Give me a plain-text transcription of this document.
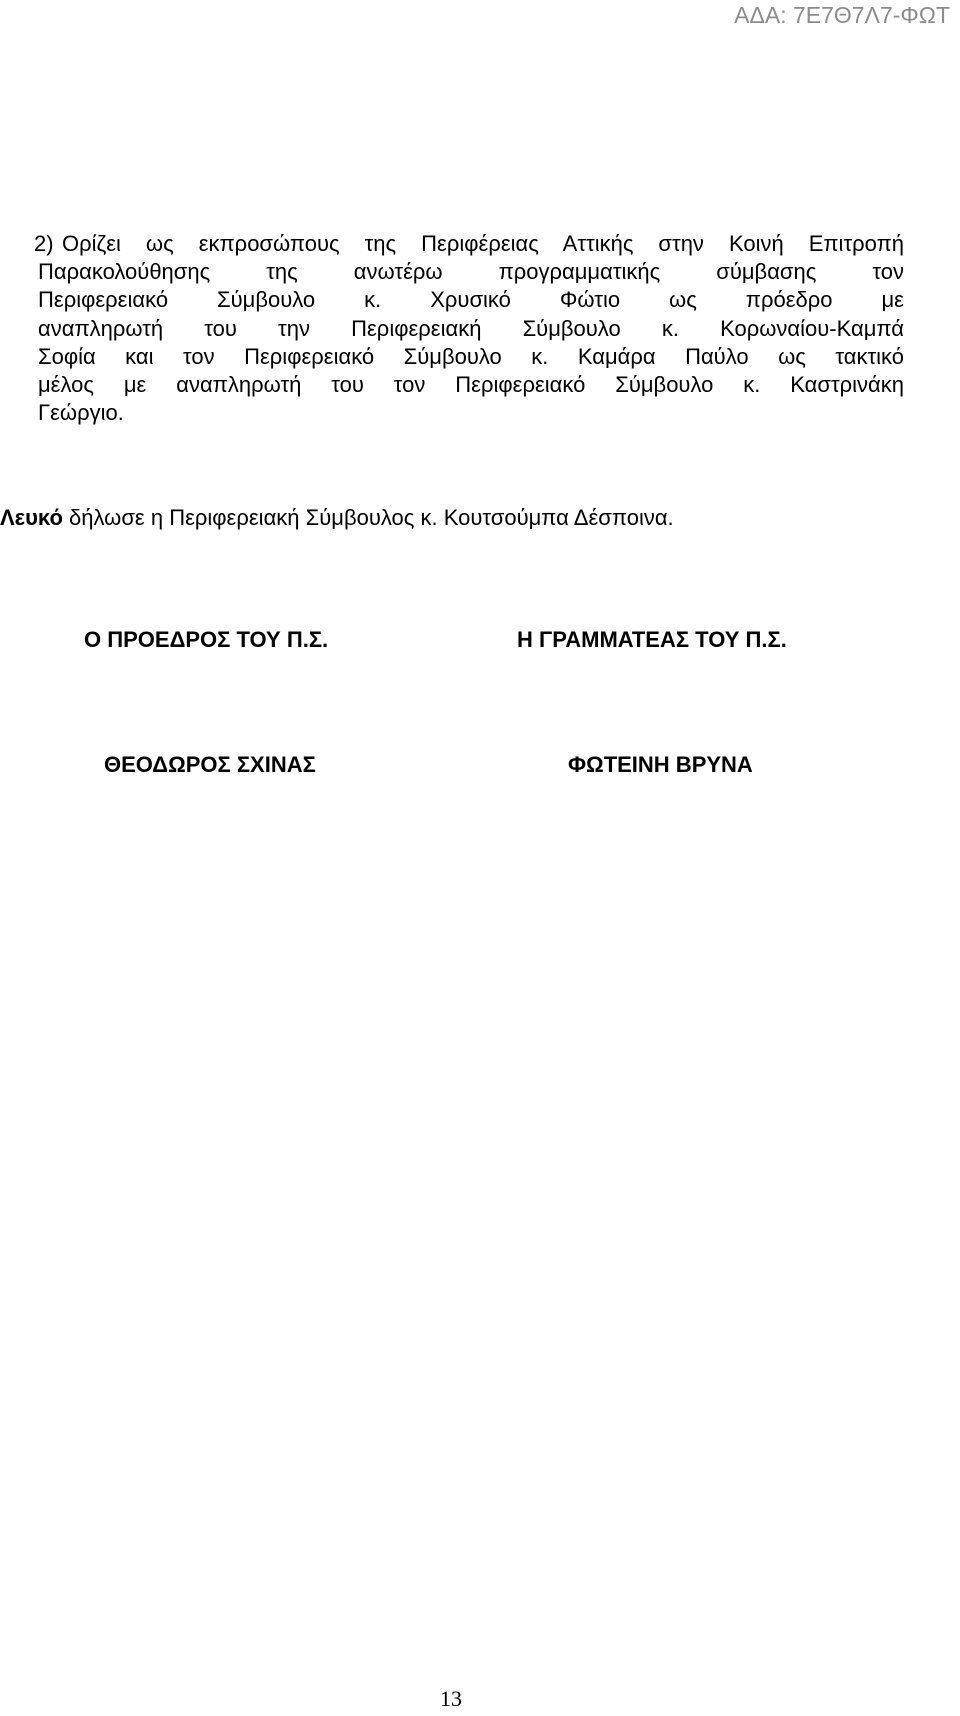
ΑΔΑ: 7Ε7Θ7Λ7-ΦΩΤ
2) Ορίζει ως εκπροσώπους της Περιφέρειας Αττικής στην Κοινή Επιτροπή
Παρακολούθησης της ανωτέρω προγραμματικής σύμβασης τον
Περιφερειακό Σύμβουλο κ. Χρυσικό Φώτιο ως πρόεδρο με
αναπληρωτή του την Περιφερειακή Σύμβουλο κ. Κορωναίου-Καμπά
Σοφία και τον Περιφερειακό Σύμβουλο κ. Καμάρα Παύλο ως τακτικό
μέλος με αναπληρωτή του τον Περιφερειακό Σύμβουλο κ. Καστρινάκη
Γεώργιο.
Λευκό δήλωσε η Περιφερειακή Σύμβουλος κ. Κουτσούμπα Δέσποινα.
Ο ΠΡΟΕΔΡΟΣ ΤΟΥ Π.Σ.	Η ΓΡΑΜΜΑΤΕΑΣ ΤΟΥ Π.Σ.
ΘΕΟΔΩΡΟΣ ΣΧΙΝΑΣ	ΦΩΤΕΙΝΗ ΒΡΥΝΑ
13
